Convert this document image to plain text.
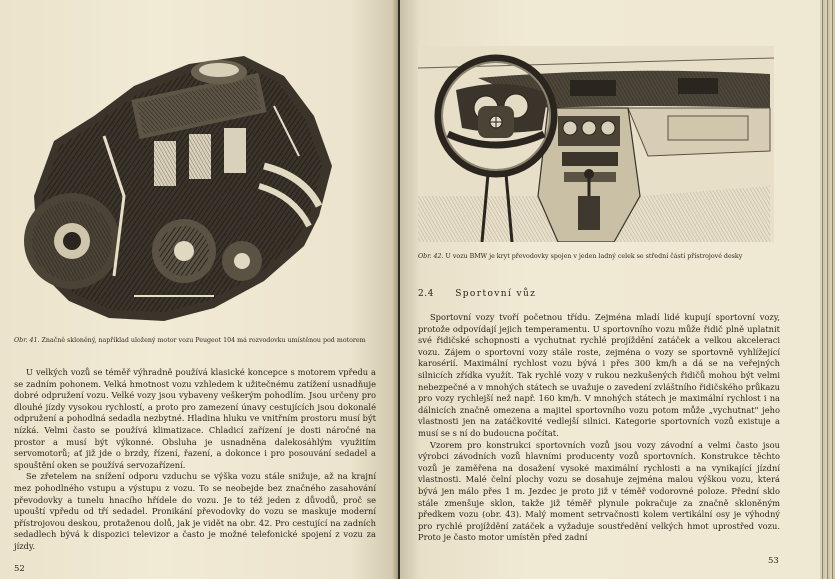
Obr. 41. Značně skloněný, například uložený motor vozu Peugeot 104 má rozvodovku umístěnou pod motorem

U velkých vozů se téměř výhradně používá klasické koncepce s motorem vpředu a se zadním pohonem. Velká hmotnost vozu vzhledem k užitečnému zatížení usnadňuje dobré odpružení vozu. Velké vozy jsou vybaveny veškerým pohodlím. Jsou určeny pro dlouhé jízdy vysokou rychlostí, a proto pro zamezení únavy cestujících jsou dokonalé odpružení a pohodlná sedadla nezbytné. Hladina hluku ve vnitřním prostoru musí být nízká. Velmi často se používá klimatizace. Chladicí zařízení je dosti náročné na prostor a musí být výkonné. Obsluha je usnadněna dalekosáhlým využitím servomotorů; ať již jde o brzdy, řízení, řazení, a dokonce i pro posouvání sedadel a spouštění oken se používá servozařízení.

Se zřetelem na snížení odporu vzduchu se výška vozu stále snižuje, až na krajní mez pohodlného vstupu a výstupu z vozu. To se neobejde bez značného zasahování převodovky a tunelu hnacího hřídele do vozu. Je to též jeden z důvodů, proč se upouští vpředu od tří sedadel. Pronikání převodovky do vozu se maskuje moderní přístrojovou deskou, protaženou dolů, jak je vidět na obr. 42. Pro cestující na zadních sedadlech bývá k dispozici televizor a často je možné telefonické spojení z vozu za jízdy.

52
Obr. 42. U vozu BMW je kryt převodovky spojen v jeden ladný celek se střední částí přístrojové desky
2.4 Sportovní vůz

Sportovní vozy tvoří početnou třídu. Zejména mladí lidé kupují sportovní vozy, protože odpovídají jejich temperamentu. U sportovního vozu může řidič plně uplatnit své řidičské schopnosti a vychutnat rychlé projíždění zatáček a velkou akceleraci vozu. Zájem o sportovní vozy stále roste, zejména o vozy se sportovně vyhlížející karosérií. Maximální rychlost vozu bývá i přes 300 km/h a dá se na veřejných silnicích zřídka využít. Tak rychlé vozy v rukou nezkušených řidičů mohou být velmi nebezpečné a v mnohých státech se uvažuje o zavedení zvláštního řidičského průkazu pro vozy rychlejší než např. 160 km/h. V mnohých státech je maximální rychlost i na dálnicích značně omezena a majitel sportovního vozu potom může „vychutnat" jeho vlastnosti jen na zatáčkovité vedlejší silnici. Kategorie sportovních vozů existuje a musí se s ní do budoucna počítat.

Vzorem pro konstrukci sportovních vozů jsou vozy závodní a velmi často jsou výrobci závodních vozů hlavními producenty vozů sportovních. Konstrukce těchto vozů je zaměřena na dosažení vysoké maximální rychlosti a na vynikající jízdní vlastnosti. Malé čelní plochy vozu se dosahuje zejména malou výškou vozu, která bývá jen málo přes 1 m. Jezdec je proto již v téměř vodorovné poloze. Přední sklo stále zmenšuje sklon, takže již téměř plynule pokračuje za značně skloněným předkem vozu (obr. 43). Malý moment setrvačnosti kolem vertikální osy je výhodný pro rychlé projíždění zatáček a vyžaduje soustředění velkých hmot uprostřed vozu. Proto je často motor umístěn před zadní

53
